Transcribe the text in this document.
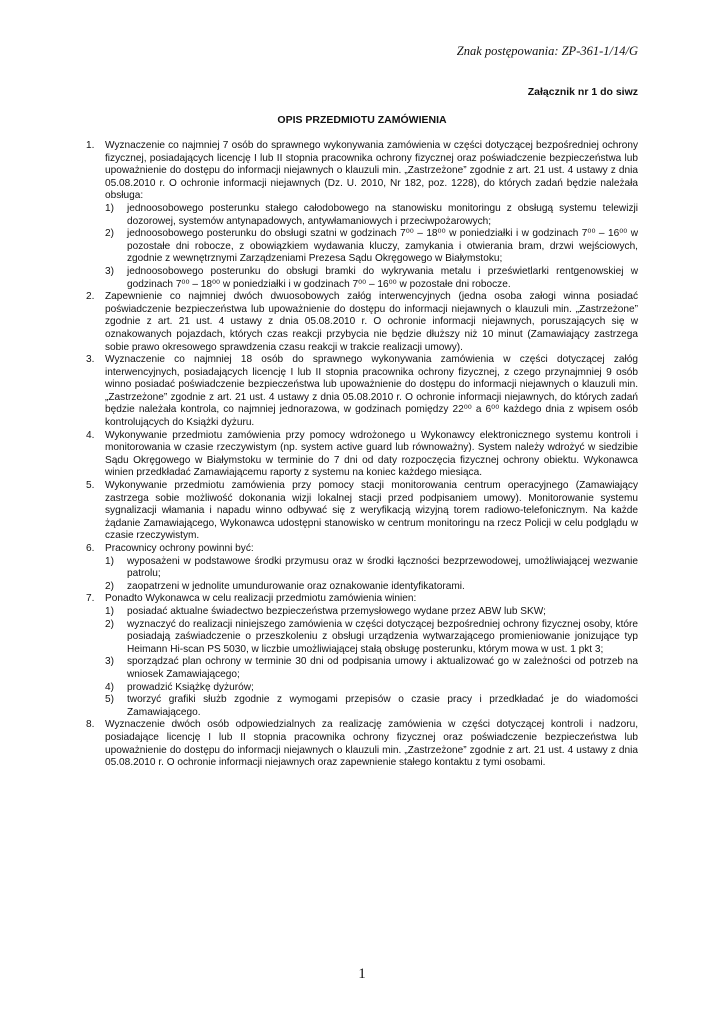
Znak postępowania: ZP-361-1/14/G
Załącznik nr 1 do siwz
OPIS PRZEDMIOTU ZAMÓWIENIA
1. Wyznaczenie co najmniej 7 osób do sprawnego wykonywania zamówienia w części dotyczącej bezpośredniej ochrony fizycznej, posiadających licencję I lub II stopnia pracownika ochrony fizycznej oraz poświadczenie bezpieczeństwa lub upoważnienie do dostępu do informacji niejawnych o klauzuli min. „Zastrzeżone” zgodnie z art. 21 ust. 4 ustawy z dnia 05.08.2010 r. O ochronie informacji niejawnych (Dz. U. 2010, Nr 182, poz. 1228), do których zadań będzie należała obsługa:
1) jednoosobowego posterunku stałego całodobowego na stanowisku monitoringu z obsługą systemu telewizji dozorowej, systemów antynapadowych, antywłamaniowych i przeciwpożarowych;
2) jednoosobowego posterunku do obsługi szatni w godzinach 7⁰⁰ – 18⁰⁰ w poniedziałki i w godzinach 7⁰⁰ – 16⁰⁰ w pozostałe dni robocze, z obowiązkiem wydawania kluczy, zamykania i otwierania bram, drzwi wejściowych, zgodnie z wewnętrznymi Zarządzeniami Prezesa Sądu Okręgowego w Białymstoku;
3) jednoosobowego posterunku do obsługi bramki do wykrywania metalu i prześwietlarki rentgenowskiej w godzinach 7⁰⁰ – 18⁰⁰ w poniedziałki i w godzinach 7⁰⁰ – 16⁰⁰ w pozostałe dni robocze.
2. Zapewnienie co najmniej dwóch dwuosobowych załóg interwencyjnych (jedna osoba załogi winna posiadać poświadczenie bezpieczeństwa lub upoważnienie do dostępu do informacji niejawnych o klauzuli min. „Zastrzeżone” zgodnie z art. 21 ust. 4 ustawy z dnia 05.08.2010 r. O ochronie informacji niejawnych, poruszających się w oznakowanych pojazdach, których czas reakcji przybycia nie będzie dłuższy niż 10 minut (Zamawiający zastrzega sobie prawo okresowego sprawdzenia czasu reakcji w trakcie realizacji umowy).
3. Wyznaczenie co najmniej 18 osób do sprawnego wykonywania zamówienia w części dotyczącej załóg interwencyjnych, posiadających licencję I lub II stopnia pracownika ochrony fizycznej, z czego przynajmniej 9 osób winno posiadać poświadczenie bezpieczeństwa lub upoważnienie do dostępu do informacji niejawnych o klauzuli min. „Zastrzeżone” zgodnie z art. 21 ust. 4 ustawy z dnia 05.08.2010 r. O ochronie informacji niejawnych, do których zadań będzie należała kontrola, co najmniej jednorazowa, w godzinach pomiędzy 22⁰⁰ a 6⁰⁰ każdego dnia z wpisem osób kontrolujących do Książki dyżuru.
4. Wykonywanie przedmiotu zamówienia przy pomocy wdrożonego u Wykonawcy elektronicznego systemu kontroli i monitorowania w czasie rzeczywistym (np. system active guard lub równoważny). System należy wdrożyć w siedzibie Sądu Okręgowego w Białymstoku w terminie do 7 dni od daty rozpoczęcia fizycznej ochrony obiektu. Wykonawca winien przedkładać Zamawiającemu raporty z systemu na koniec każdego miesiąca.
5. Wykonywanie przedmiotu zamówienia przy pomocy stacji monitorowania centrum operacyjnego (Zamawiający zastrzega sobie możliwość dokonania wizji lokalnej stacji przed podpisaniem umowy). Monitorowanie systemu sygnalizacji włamania i napadu winno odbywać się z weryfikacją wizyjną torem radiowo-telefonicznym. Na każde żądanie Zamawiającego, Wykonawca udostępni stanowisko w centrum monitoringu na rzecz Policji w celu podglądu w czasie rzeczywistym.
6. Pracownicy ochrony powinni być:
1) wyposażeni w podstawowe środki przymusu oraz w środki łączności bezprzewodowej, umożliwiającej wezwanie patrolu;
2) zaopatrzeni w jednolite umundurowanie oraz oznakowanie identyfikatorami.
7. Ponadto Wykonawca w celu realizacji przedmiotu zamówienia winien:
1) posiadać aktualne świadectwo bezpieczeństwa przemysłowego wydane przez ABW lub SKW;
2) wyznaczyć do realizacji niniejszego zamówienia w części dotyczącej bezpośredniej ochrony fizycznej osoby, które posiadają zaświadczenie o przeszkoleniu z obsługi urządzenia wytwarzającego promieniowanie jonizujące typ Heimann Hi-scan PS 5030, w liczbie umożliwiającej stałą obsługę posterunku, którym mowa w ust. 1 pkt 3;
3) sporządzać plan ochrony w terminie 30 dni od podpisania umowy i aktualizować go w zależności od potrzeb na wniosek Zamawiającego;
4) prowadzić Książkę dyżurów;
5) tworzyć grafiki służb zgodnie z wymogami przepisów o czasie pracy i przedkładać je do wiadomości Zamawiającego.
8. Wyznaczenie dwóch osób odpowiedzialnych za realizację zamówienia w części dotyczącej kontroli i nadzoru, posiadające licencję I lub II stopnia pracownika ochrony fizycznej oraz poświadczenie bezpieczeństwa lub upoważnienie do dostępu do informacji niejawnych o klauzuli min. „Zastrzeżone” zgodnie z art. 21 ust. 4 ustawy z dnia 05.08.2010 r. O ochronie informacji niejawnych oraz zapewnienie stałego kontaktu z tymi osobami.
1
